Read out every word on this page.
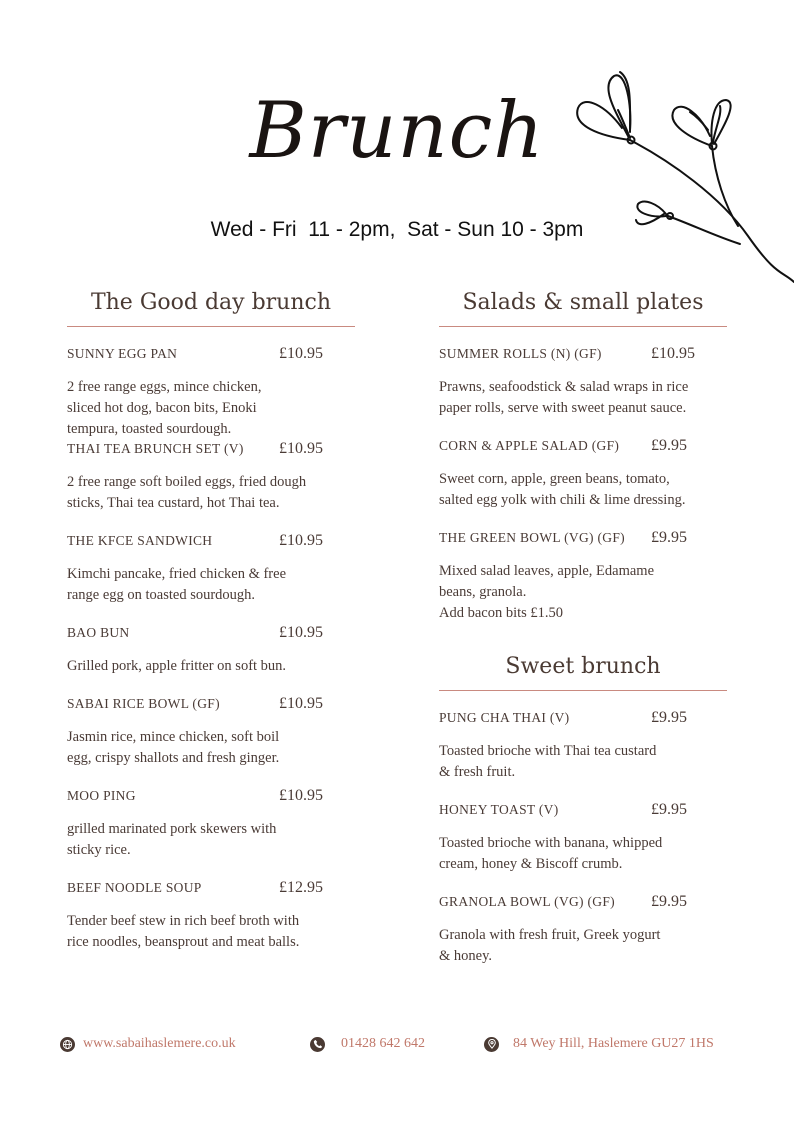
Brunch
Wed - Fri  11 - 2pm,  Sat - Sun 10 - 3pm
The Good day brunch
SUNNY EGG PAN	£10.95
2 free range eggs, mince chicken,
sliced hot dog, bacon bits, Enoki
tempura, toasted sourdough.
THAI TEA BRUNCH SET (V) £10.95
2 free range soft boiled eggs, fried dough
sticks, Thai tea custard, hot Thai tea.
THE KFCE SANDWICH	£10.95
Kimchi pancake, fried chicken & free
range egg on toasted sourdough.
BAO BUN	£10.95
Grilled pork, apple fritter on soft bun.
SABAI RICE BOWL (GF)	£10.95
Jasmin rice, mince chicken, soft boil
egg, crispy shallots and fresh ginger.
MOO PING	£10.95
grilled marinated pork skewers with
sticky rice.
BEEF NOODLE SOUP	£12.95
Tender beef stew in rich beef broth with
rice noodles, beansprout and meat balls.
Salads & small plates
SUMMER ROLLS (N) (GF)	£10.95
Prawns, seafoodstick & salad wraps in rice
paper rolls, serve with sweet peanut sauce.
CORN & APPLE SALAD (GF) £9.95
Sweet corn, apple, green beans, tomato,
salted egg yolk with chili & lime dressing.
THE GREEN BOWL (VG) (GF) £9.95
Mixed salad leaves, apple, Edamame
beans, granola.
Add bacon bits £1.50
Sweet brunch
PUNG CHA THAI (V)	£9.95
Toasted brioche with Thai tea custard
& fresh fruit.
HONEY TOAST (V)	£9.95
Toasted brioche with banana, whipped
cream, honey & Biscoff crumb.
GRANOLA BOWL (VG) (GF) £9.95
Granola with fresh fruit, Greek yogurt
& honey.
www.sabaihaslemere.co.uk	01428 642 642	84 Wey Hill, Haslemere GU27 1HS
